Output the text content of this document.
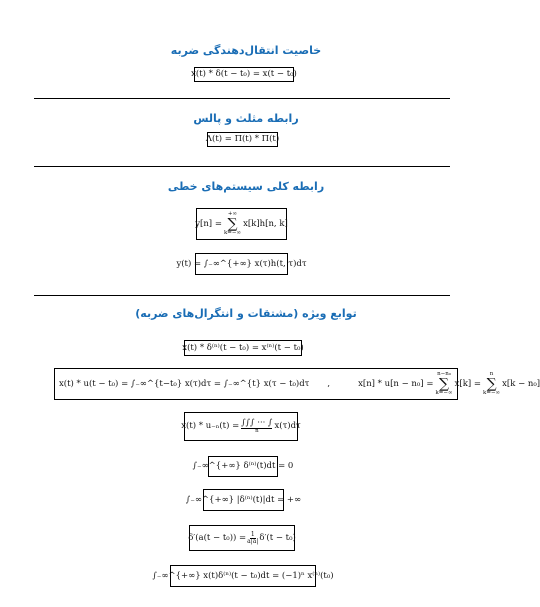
خاصیت انتقال‌دهندگی ضربه
x(t) * δ(t − t₀) = x(t − t₀)
رابطه مثلث و پالس
Λ(t) = Π(t) * Π(t)
رابطه کلی سیستم‌های خطی
y[n] =
+∞
∑
k=−∞
x[k]h[n, k]
y(t) = ∫₋∞^{+∞} x(τ)h(t, τ)dτ
توابع ویژه (مشتقات و انتگرال‌های ضربه)
x(t) * δ⁽ⁿ⁾(t − t₀) = x⁽ⁿ⁾(t − t₀)
x(t) * u(t − t₀) = ∫₋∞^{t−t₀} x(τ)dτ = ∫₋∞^{t} x(τ − t₀)dτ ,	x[n] * u[n − n₀] =
n−n₀
∑
k=−∞
x[k] =
n
∑
k=−∞
x[k − n₀]
x(t) * u₋ₙ(t) = ∫∫∫ ··· ∫
n x(τ)dτ
∫₋∞^{+∞} δ⁽ⁿ⁾(t)dt = 0
∫₋∞^{+∞} |δ⁽ⁿ⁾(t)|dt = +∞
$\delta'(a(t - t_0)) = \frac{1}{a|a|} \delta'(t - t_0)$
∫₋∞^{+∞} x(t)δ⁽ⁿ⁾(t − t₀)dt = (−1)ⁿ x⁽ⁿ⁾(t₀)
